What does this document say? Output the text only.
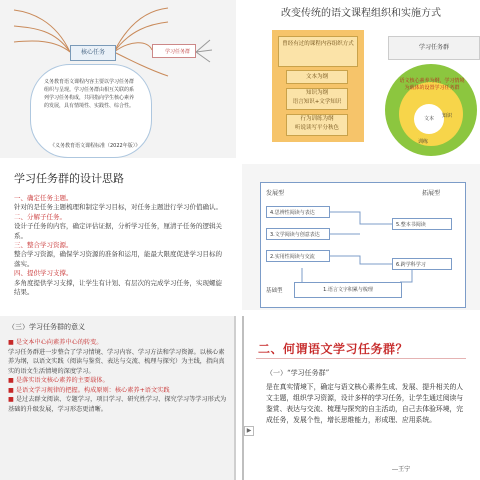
核心任务	学习任务群
义务教育语文课程内容主要以学习任务群组织与呈现。学习任务群由相互关联的系列学习任务构成，共同指向学生核心素养的发展，具有情境性、实践性、综合性。
《义务教育语文课程标准（2022年版）》
改变传统的语文课程组织和实施方式
曾经有过的课程内容组织方式
文本为纲
知识为纲
语言知识+文学知识
行为训练为纲
听说读写平分秋色
学习任务群
语文核心素养为纲，学习情境为载体的设置学习任务群
文本	知识
训练
学习任务群的设计思路
一、确定任务主题。
针对的是任务主题梳理和制定学习目标，对任务主题进行学习价值确认。
二、分解子任务。
设计子任务的内容，确定评估证据，分析学习任务，厘清子任务的逻辑关系。
三、整合学习资源。
整合学习资源，确保学习资源的准备和运用，能最大限度促进学习目标的落实。
四、提供学习支撑。
多角度提供学习支撑，让学生有计划、有层次的完成学习任务，实现螺旋结果。
发展型	拓展型
4.思辨性阅读与表达
3.文学阅读与创意表达
2.实用性阅读与交流
5.整本书阅读
6.跨学科学习
基础型	1.语言文字积累与梳理
（三）学习任务群的意义
■ 是文本中心向素养中心的转变。
学习任务群进一步整合了学习情境、学习内容、学习方法和学习资源。以核心素养为纲，以语文实践（阅读与鉴赏、表达与交流、梳理与探究）为主线，指向真实的语文生活情境的深度学习。
■ 是落实语文核心素养的主要载体。
■ 是语文学习规律的把握。构成原则：核心素养+语文实践
■ 是过去群文阅读、专题学习，项目学习、研究性学习、探究学习等学习形式为基础的升级发展，学习形态更清晰。
▶
二、何谓语文学习任务群？
（一）“学习任务群”
是在真实情境下，确定与语文核心素养生成、发展、提升相关的人文主题，组织学习资源，设计多样的学习任务，让学生通过阅读与鉴赏、表达与交流、梳理与探究的自主活动，自己去体验环境，完成任务，发展个性，增长思维能力，形成理、应用系统。
---王宁
